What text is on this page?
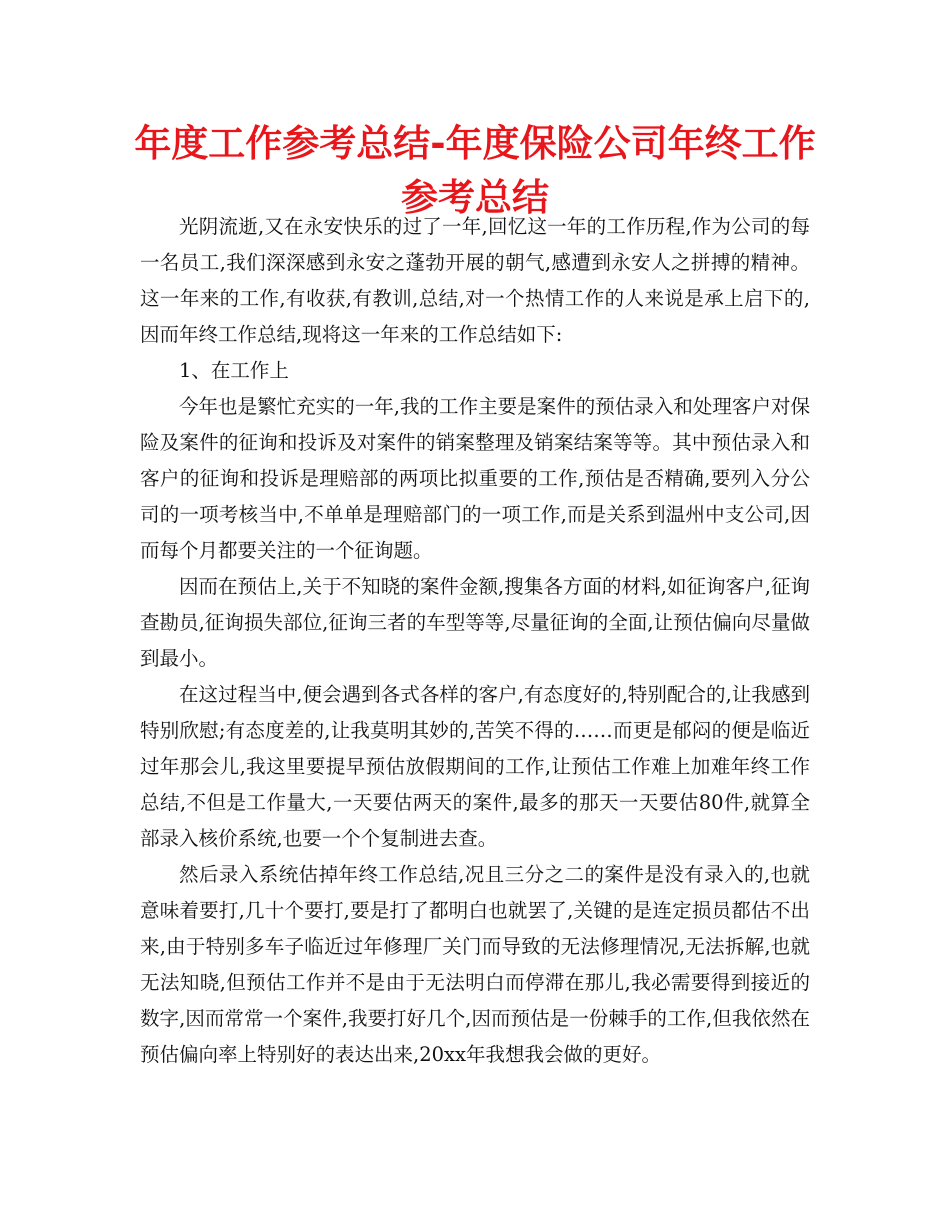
年度工作参考总结-年度保险公司年终工作参考总结

光阴流逝,又在永安快乐的过了一年,回忆这一年的工作历程,作为公司的每一名员工,我们深深感到永安之蓬勃开展的朝气,感遭到永安人之拼搏的精神。这一年来的工作,有收获,有教训,总结,对一个热情工作的人来说是承上启下的,因而年终工作总结,现将这一年来的工作总结如下:

1、在工作上

今年也是繁忙充实的一年,我的工作主要是案件的预估录入和处理客户对保险及案件的征询和投诉及对案件的销案整理及销案结案等等。其中预估录入和客户的征询和投诉是理赔部的两项比拟重要的工作,预估是否精确,要列入分公司的一项考核当中,不单单是理赔部门的一项工作,而是关系到温州中支公司,因而每个月都要关注的一个征询题。

因而在预估上,关于不知晓的案件金额,搜集各方面的材料,如征询客户,征询查勘员,征询损失部位,征询三者的车型等等,尽量征询的全面,让预估偏向尽量做到最小。

在这过程当中,便会遇到各式各样的客户,有态度好的,特别配合的,让我感到特别欣慰;有态度差的,让我莫明其妙的,苦笑不得的……而更是郁闷的便是临近过年那会儿,我这里要提早预估放假期间的工作,让预估工作难上加难年终工作总结,不但是工作量大,一天要估两天的案件,最多的那天一天要估80件,就算全部录入核价系统,也要一个个复制进去查。

然后录入系统估掉年终工作总结,况且三分之二的案件是没有录入的,也就意味着要打,几十个要打,要是打了都明白也就罢了,关键的是连定损员都估不出来,由于特别多车子临近过年修理厂关门而导致的无法修理情况,无法拆解,也就无法知晓,但预估工作并不是由于无法明白而停滞在那儿,我必需要得到接近的数字,因而常常一个案件,我要打好几个,因而预估是一份棘手的工作,但我依然在预估偏向率上特别好的表达出来,20xx年我想我会做的更好。
